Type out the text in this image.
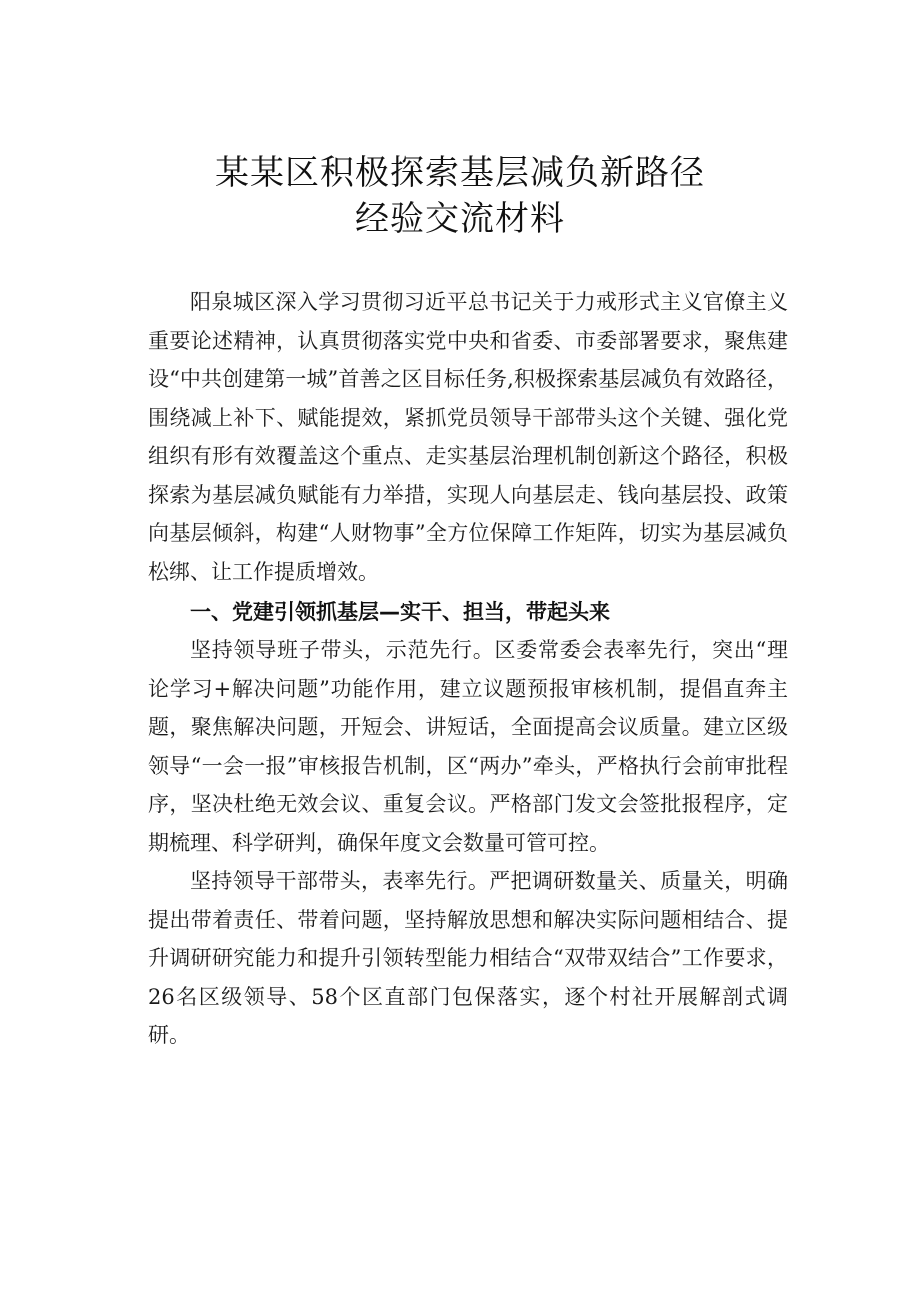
某某区积极探索基层减负新路径
经验交流材料

阳泉城区深入学习贯彻习近平总书记关于力戒形式主义官僚主义重要论述精神，认真贯彻落实党中央和省委、市委部署要求，聚焦建设“中共创建第一城”首善之区目标任务,积极探索基层减负有效路径，围绕减上补下、赋能提效，紧抓党员领导干部带头这个关键、强化党组织有形有效覆盖这个重点、走实基层治理机制创新这个路径，积极探索为基层减负赋能有力举措，实现人向基层走、钱向基层投、政策向基层倾斜，构建“人财物事”全方位保障工作矩阵，切实为基层减负松绑、让工作提质增效。

一、党建引领抓基层—实干、担当，带起头来

坚持领导班子带头，示范先行。区委常委会表率先行，突出“理论学习+解决问题”功能作用，建立议题预报审核机制，提倡直奔主题，聚焦解决问题，开短会、讲短话，全面提高会议质量。建立区级领导“一会一报”审核报告机制，区“两办”牵头，严格执行会前审批程序，坚决杜绝无效会议、重复会议。严格部门发文会签批报程序，定期梳理、科学研判，确保年度文会数量可管可控。

坚持领导干部带头，表率先行。严把调研数量关、质量关，明确提出带着责任、带着问题，坚持解放思想和解决实际问题相结合、提升调研研究能力和提升引领转型能力相结合“双带双结合”工作要求，26名区级领导、58个区直部门包保落实，逐个村社开展解剖式调研。
